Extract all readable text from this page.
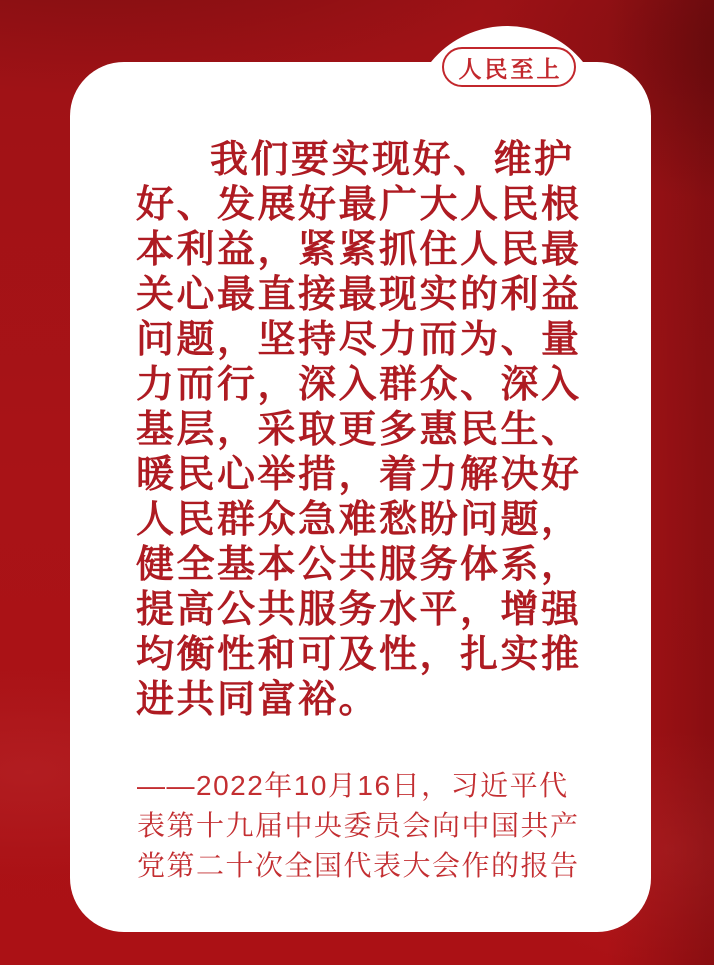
人民至上
我们要实现好、维护
好、发展好最广大人民根
本利益，紧紧抓住人民最
关心最直接最现实的利益
问题，坚持尽力而为、量
力而行，深入群众、深入
基层，采取更多惠民生、
暖民心举措，着力解决好
人民群众急难愁盼问题，
健全基本公共服务体系，
提高公共服务水平，增强
均衡性和可及性，扎实推
进共同富裕。
——2022年10月16日，习近平代
表第十九届中央委员会向中国共产
党第二十次全国代表大会作的报告
